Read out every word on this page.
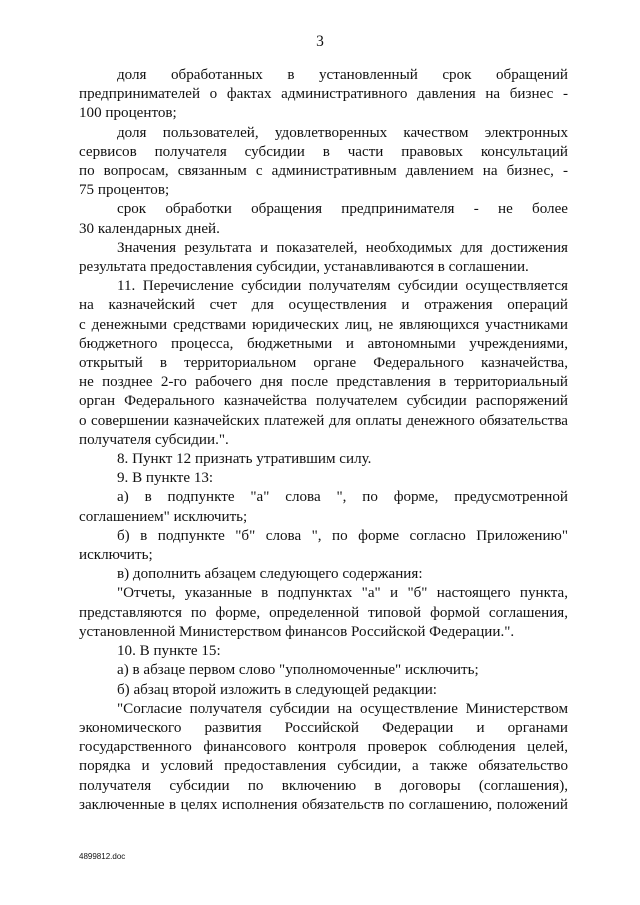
3

доля обработанных в установленный срок обращений

предпринимателей о фактах административного давления на бизнес -

100 процентов;

доля пользователей, удовлетворенных качеством электронных

сервисов получателя субсидии в части правовых консультаций

по вопросам, связанным с административным давлением на бизнес, -

75 процентов;

срок обработки обращения предпринимателя - не более

30 календарных дней.

Значения результата и показателей, необходимых для достижения

результата предоставления субсидии, устанавливаются в соглашении.

11. Перечисление субсидии получателям субсидии осуществляется

на казначейский счет для осуществления и отражения операций

с денежными средствами юридических лиц, не являющихся участниками

бюджетного процесса, бюджетными и автономными учреждениями,

открытый в территориальном органе Федерального казначейства,

не позднее 2-го рабочего дня после представления в территориальный

орган Федерального казначейства получателем субсидии распоряжений

о совершении казначейских платежей для оплаты денежного обязательства

получателя субсидии.".

8. Пункт 12 признать утратившим силу.

9. В пункте 13:

а) в подпункте "а" слова ", по форме, предусмотренной

соглашением" исключить;

б) в подпункте "б" слова ", по форме согласно Приложению"

исключить;

в) дополнить абзацем следующего содержания:

"Отчеты, указанные в подпунктах "а" и "б" настоящего пункта,

представляются по форме, определенной типовой формой соглашения,

установленной Министерством финансов Российской Федерации.".

10. В пункте 15:

а) в абзаце первом слово "уполномоченные" исключить;

б) абзац второй изложить в следующей редакции:

"Согласие получателя субсидии на осуществление Министерством

экономического развития Российской Федерации и органами

государственного финансового контроля проверок соблюдения целей,

порядка и условий предоставления субсидии, а также обязательство

получателя субсидии по включению в договоры (соглашения),

заключенные в целях исполнения обязательств по соглашению, положений

4899812.doc
